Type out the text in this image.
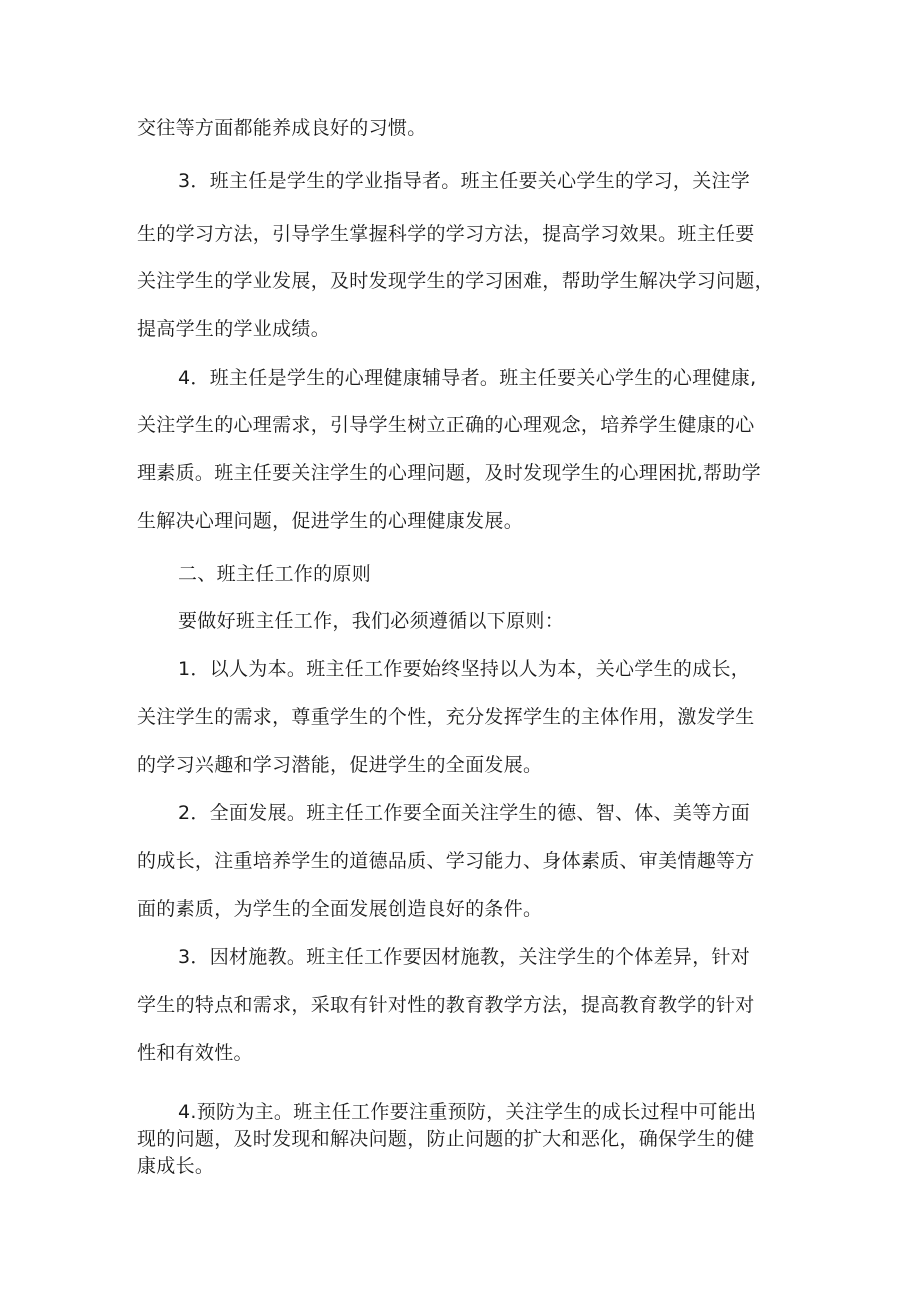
交往等方面都能养成良好的习惯。

3．班主任是学生的学业指导者。班主任要关心学生的学习，关注学

生的学习方法，引导学生掌握科学的学习方法，提高学习效果。班主任要

关注学生的学业发展，及时发现学生的学习困难，帮助学生解决学习问题，

提高学生的学业成绩。

4．班主任是学生的心理健康辅导者。班主任要关心学生的心理健康,

关注学生的心理需求，引导学生树立正确的心理观念，培养学生健康的心

理素质。班主任要关注学生的心理问题，及时发现学生的心理困扰,帮助学

生解决心理问题，促进学生的心理健康发展。

二、班主任工作的原则

要做好班主任工作，我们必须遵循以下原则：

1．以人为本。班主任工作要始终坚持以人为本，关心学生的成长，

关注学生的需求，尊重学生的个性，充分发挥学生的主体作用，激发学生

的学习兴趣和学习潜能，促进学生的全面发展。

2．全面发展。班主任工作要全面关注学生的德、智、体、美等方面

的成长，注重培养学生的道德品质、学习能力、身体素质、审美情趣等方

面的素质，为学生的全面发展创造良好的条件。

3．因材施教。班主任工作要因材施教，关注学生的个体差异，针对

学生的特点和需求，采取有针对性的教育教学方法，提高教育教学的针对

性和有效性。

4.预防为主。班主任工作要注重预防，关注学生的成长过程中可能出

现的问题，及时发现和解决问题，防止问题的扩大和恶化，确保学生的健

康成长。
